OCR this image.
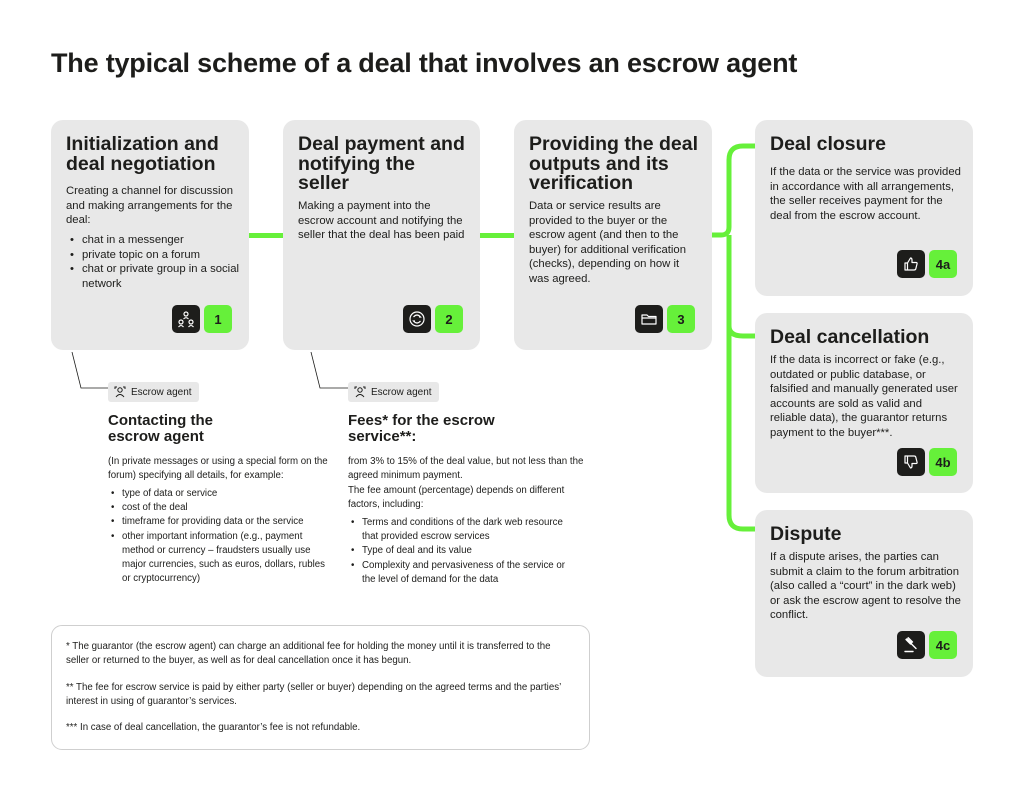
The typical scheme of a deal that involves an escrow agent
Initialization and deal negotiation
Creating a channel for discussion and making arrangements for the deal:
• chat in a messenger
• private topic on a forum
• chat or private group in a social network
1
Deal payment and notifying the seller
Making a payment into the escrow account and notifying the seller that the deal has been paid
2
Providing the deal outputs and its verification
Data or service results are provided to the buyer or the escrow agent (and then to the buyer) for additional verification (checks), depending on how it was agreed.
3
Deal closure
If the data or the service was provided in accordance with all arrangements, the seller receives payment for the deal from the escrow account.
4a
Deal cancellation
If the data is incorrect or fake (e.g., outdated or public database, or falsified and manually generated user accounts are sold as valid and reliable data), the guarantor returns payment to the buyer***.
4b
Dispute
If a dispute arises, the parties can submit a claim to the forum arbitration (also called a “court” in the dark web) or ask the escrow agent to resolve the conflict.
4c
Escrow agent
Contacting the escrow agent
(In private messages or using a special form on the forum) specifying all details, for example:
• type of data or service
• cost of the deal
• timeframe for providing data or the service
• other important information (e.g., payment method or currency – fraudsters usually use major currencies, such as euros, dollars, rubles or cryptocurrency)
Escrow agent
Fees* for the escrow service**:
from 3% to 15% of the deal value, but not less than the agreed minimum payment.
The fee amount (percentage) depends on different factors, including:
• Terms and conditions of the dark web resource that provided escrow services
• Type of deal and its value
• Complexity and pervasiveness of the service or the level of demand for the data

* The guarantor (the escrow agent) can charge an additional fee for holding the money until it is transferred to the seller or returned to the buyer, as well as for deal cancellation once it has begun.

** The fee for escrow service is paid by either party (seller or buyer) depending on the agreed terms and the parties’ interest in using of guarantor’s services.

*** In case of deal cancellation, the guarantor’s fee is not refundable.
